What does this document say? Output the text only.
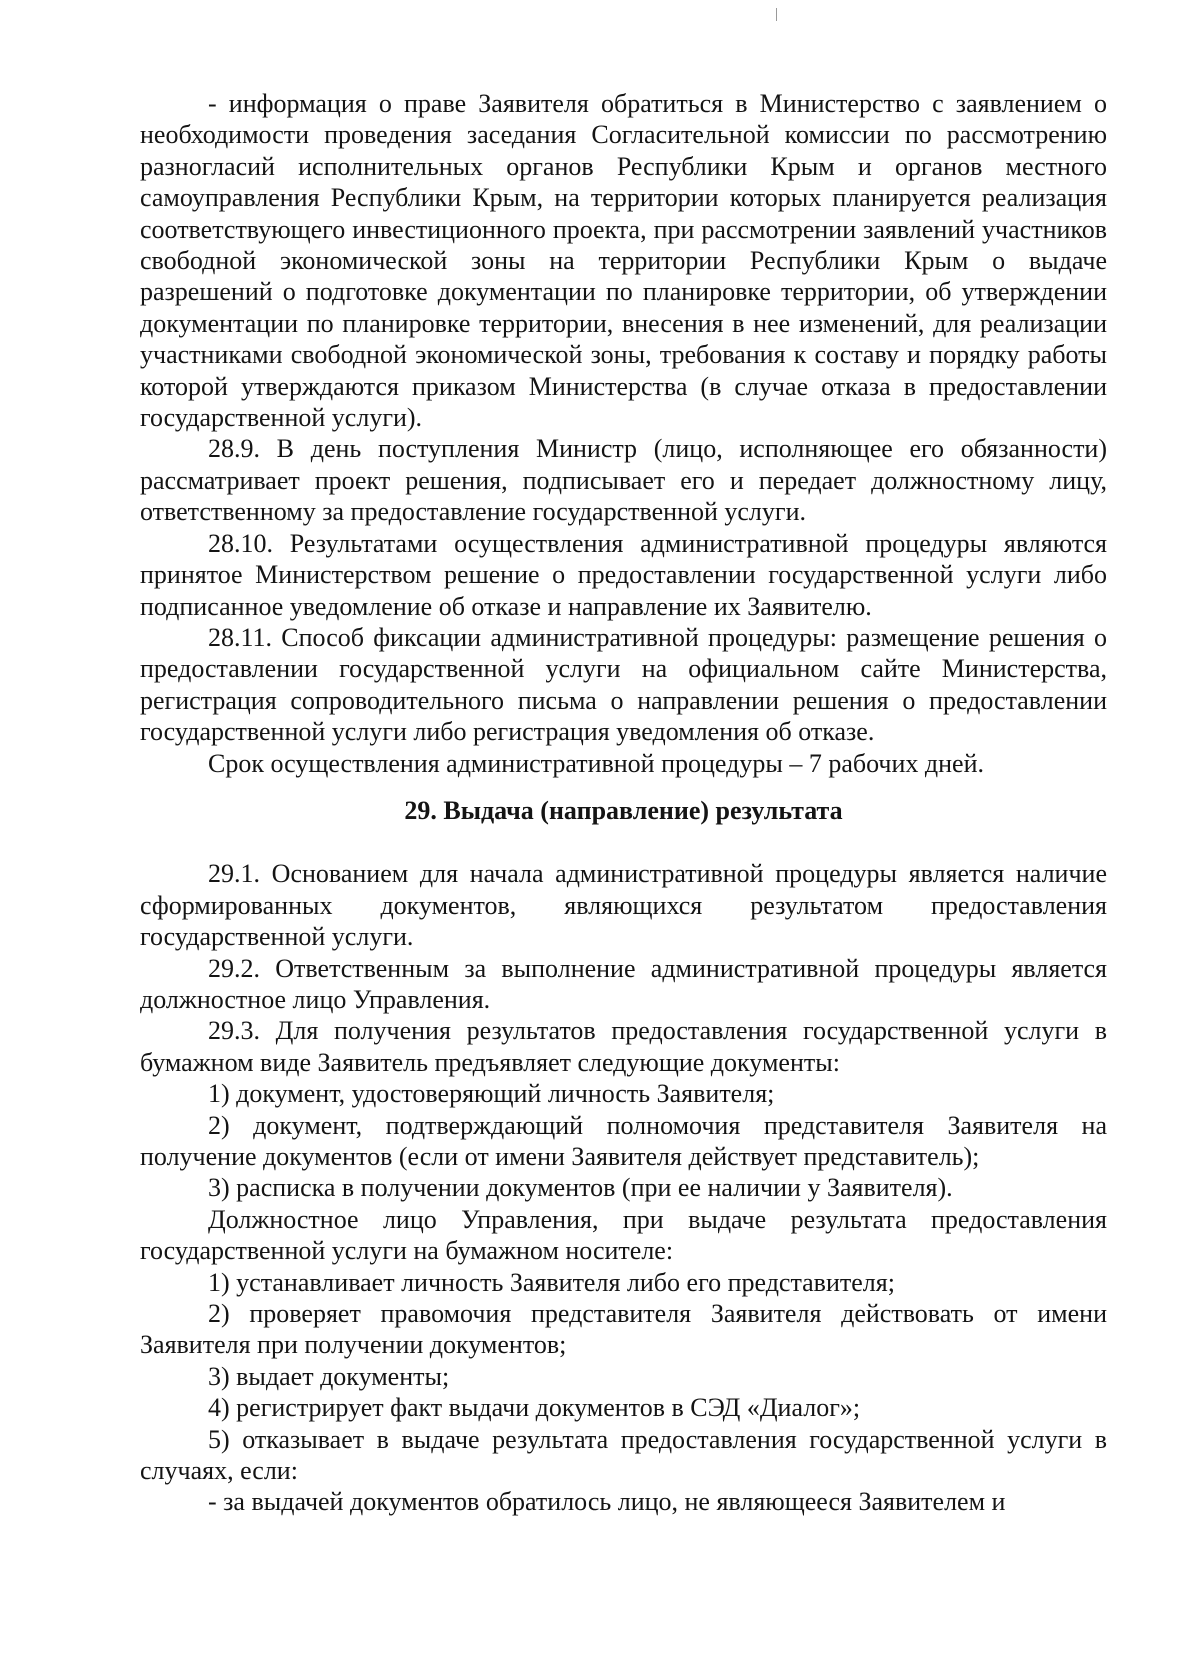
- информация о праве Заявителя обратиться в Министерство с заявлением о необходимости проведения заседания Согласительной комиссии по рассмотрению разногласий исполнительных органов Республики Крым и органов местного самоуправления Республики Крым, на территории которых планируется реализация соответствующего инвестиционного проекта, при рассмотрении заявлений участников свободной экономической зоны на территории Республики Крым о выдаче разрешений о подготовке документации по планировке территории, об утверждении документации по планировке территории, внесения в нее изменений, для реализации участниками свободной экономической зоны, требования к составу и порядку работы которой утверждаются приказом Министерства (в случае отказа в предоставлении государственной услуги).

28.9. В день поступления Министр (лицо, исполняющее его обязанности) рассматривает проект решения, подписывает его и передает должностному лицу, ответственному за предоставление государственной услуги.

28.10. Результатами осуществления административной процедуры являются принятое Министерством решение о предоставлении государственной услуги либо подписанное уведомление об отказе и направление их Заявителю.

28.11. Способ фиксации административной процедуры: размещение решения о предоставлении государственной услуги на официальном сайте Министерства, регистрация сопроводительного письма о направлении решения о предоставлении государственной услуги либо регистрация уведомления об отказе.

Срок осуществления административной процедуры – 7 рабочих дней.

29. Выдача (направление) результата

29.1. Основанием для начала административной процедуры является наличие сформированных документов, являющихся результатом предоставления государственной услуги.

29.2. Ответственным за выполнение административной процедуры является должностное лицо Управления.

29.3. Для получения результатов предоставления государственной услуги в бумажном виде Заявитель предъявляет следующие документы:

1) документ, удостоверяющий личность Заявителя;

2) документ, подтверждающий полномочия представителя Заявителя на получение документов (если от имени Заявителя действует представитель);

3) расписка в получении документов (при ее наличии у Заявителя).

Должностное лицо Управления, при выдаче результата предоставления государственной услуги на бумажном носителе:

1) устанавливает личность Заявителя либо его представителя;

2) проверяет правомочия представителя Заявителя действовать от имени Заявителя при получении документов;

3) выдает документы;

4) регистрирует факт выдачи документов в СЭД «Диалог»;

5) отказывает в выдаче результата предоставления государственной услуги в случаях, если:

- за выдачей документов обратилось лицо, не являющееся Заявителем и
